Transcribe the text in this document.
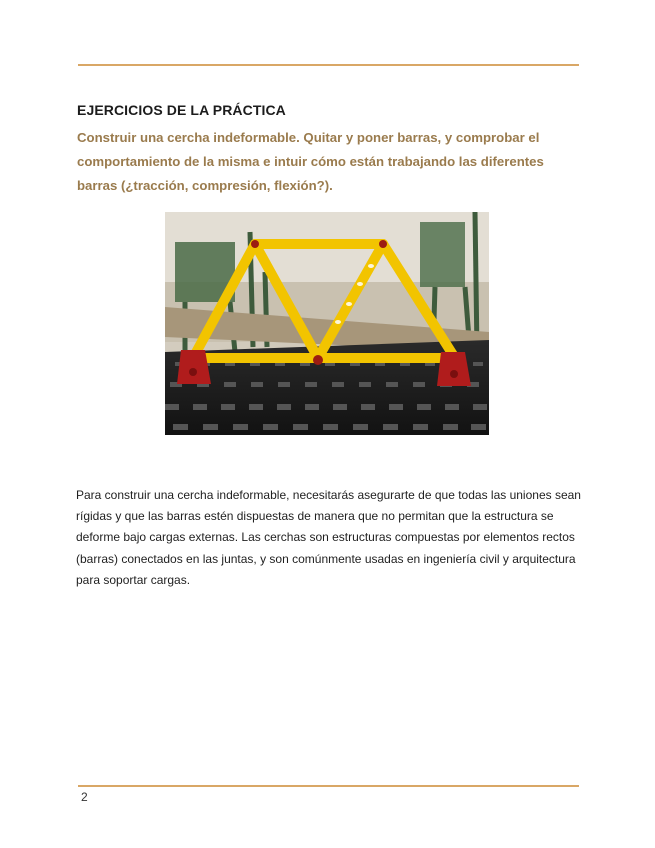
EJERCICIOS DE LA PRÁCTICA

Construir una cercha indeformable. Quitar y poner barras, y comprobar el comportamiento de la misma e intuir cómo están trabajando las diferentes barras (¿tracción, compresión, flexión?).

Para construir una cercha indeformable, necesitarás asegurarte de que todas las uniones sean rígidas y que las barras estén dispuestas de manera que no permitan que la estructura se deforme bajo cargas externas. Las cerchas son estructuras compuestas por elementos rectos (barras) conectados en las juntas, y son comúnmente usadas en ingeniería civil y arquitectura para soportar cargas.

2
